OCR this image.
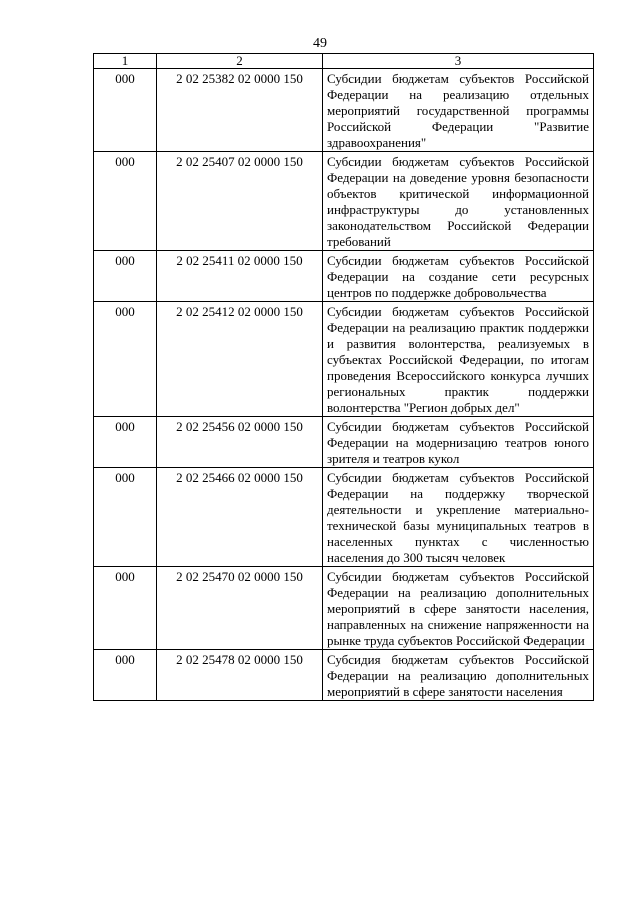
49
1	2	3
000	2 02 25382 02 0000 150	Субсидии бюджетам субъектов Российской Федерации на реализацию отдельных мероприятий государственной программы Российской Федерации "Развитие здравоохранения"
000	2 02 25407 02 0000 150	Субсидии бюджетам субъектов Российской Федерации на доведение уровня безопасности объектов критической информационной инфраструктуры до установленных законодательством Российской Федерации требований
000	2 02 25411 02 0000 150	Субсидии бюджетам субъектов Российской Федерации на создание сети ресурсных центров по поддержке добровольчества
000	2 02 25412 02 0000 150	Субсидии бюджетам субъектов Российской Федерации на реализацию практик поддержки и развития волонтерства, реализуемых в субъектах Российской Федерации, по итогам проведения Всероссийского конкурса лучших региональных практик поддержки волонтерства "Регион добрых дел"
000	2 02 25456 02 0000 150	Субсидии бюджетам субъектов Российской Федерации на модернизацию театров юного зрителя и театров кукол
000	2 02 25466 02 0000 150	Субсидии бюджетам субъектов Российской Федерации на поддержку творческой деятельности и укрепление материально-технической базы муниципальных театров в населенных пунктах с численностью населения до 300 тысяч человек
000	2 02 25470 02 0000 150	Субсидии бюджетам субъектов Российской Федерации на реализацию дополнительных мероприятий в сфере занятости населения, направленных на снижение напряженности на рынке труда субъектов Российской Федерации
000	2 02 25478 02 0000 150	Субсидия бюджетам субъектов Российской Федерации на реализацию дополнительных мероприятий в сфере занятости населения
